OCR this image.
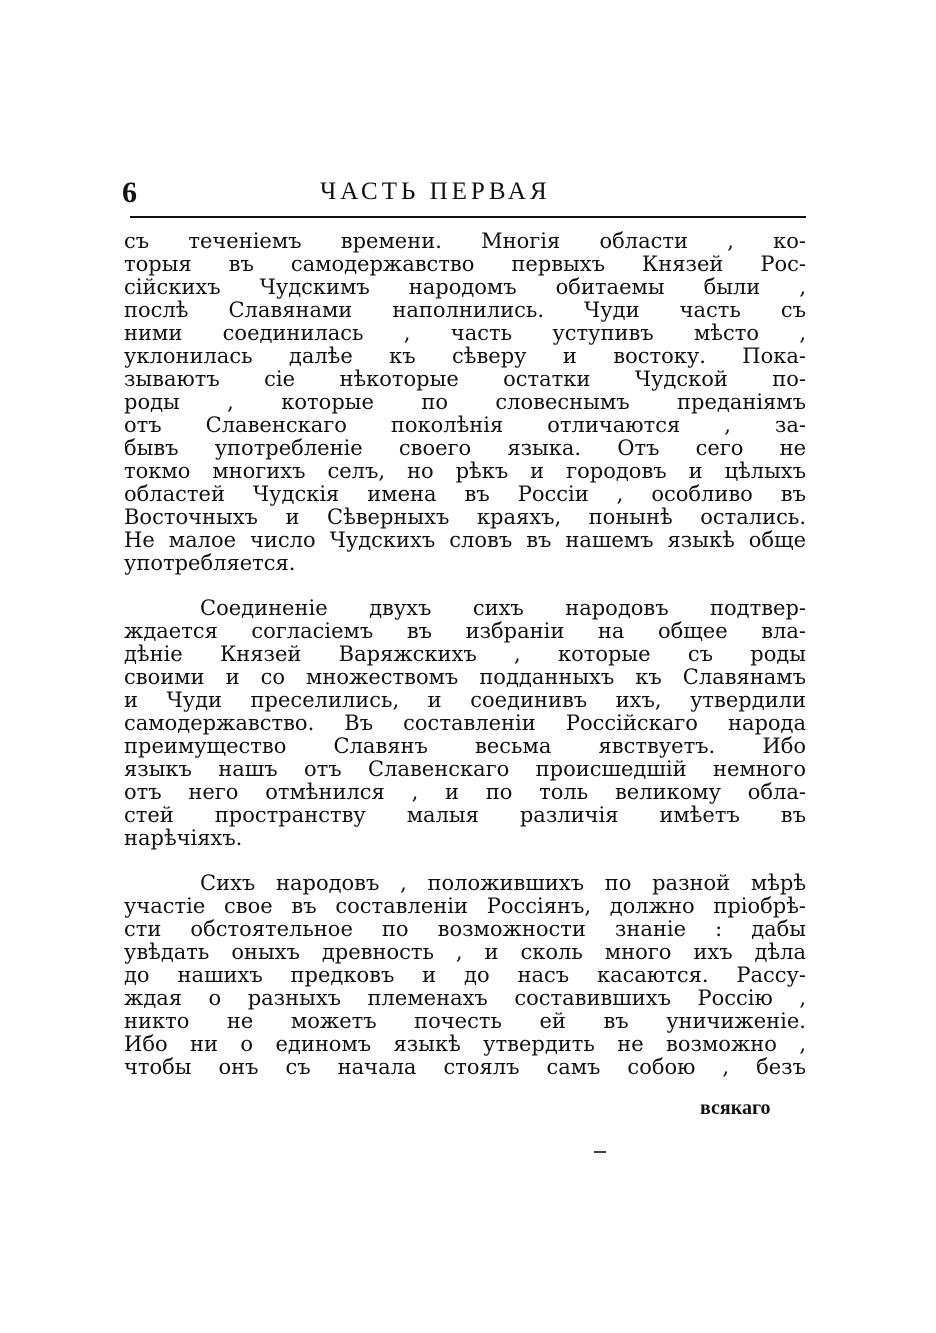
6	ЧАСТЬ ПЕРВАЯ
съ теченіемъ времени. Многія области , ко-
торыя въ самодержавство первыхъ Князей Рос-
сійскихъ Чудскимъ народомъ обитаемы были ,
послѣ Славянами наполнились. Чуди часть съ
ними соединилась , часть уступивъ мѣсто ,
уклонилась далѣе къ сѣверу и востоку. Пока-
зываютъ сіе нѣкоторые остатки Чудской по-
роды , которые по словеснымъ преданіямъ
отъ Славенскаго поколѣнія отличаются , за-
бывъ употребленіе своего языка. Отъ сего не
токмо многихъ селъ, но рѣкъ и городовъ и цѣлыхъ
областей Чудскія имена въ Россіи , особливо въ
Восточныхъ и Сѣверныхъ краяхъ, понынѣ остались.
Не малое число Чудскихъ словъ въ нашемъ языкѣ обще
употребляется.
Соединеніе двухъ сихъ народовъ подтвер-
ждается согласіемъ въ избраніи на общее вла-
дѣніе Князей Варяжскихъ , которые съ роды
своими и со множествомъ подданныхъ къ Славянамъ
и Чуди преселились, и соединивъ ихъ, утвердили
самодержавство. Въ составленіи Россійскаго народа
преимущество Славянъ весьма явствуетъ. Ибо
языкъ нашъ отъ Славенскаго происшедшій немного
отъ него отмѣнился , и по толь великому обла-
стей пространству малыя различія имѣетъ въ
нарѣчіяхъ.
Сихъ народовъ , положившихъ по разной мѣрѣ
участіе свое въ составленіи Россіянъ, должно пріобрѣ-
сти обстоятельное по возможности знаніе : дабы
увѣдать оныхъ древность , и сколь много ихъ дѣла
до нашихъ предковъ и до насъ касаются. Рассу-
ждая о разныхъ племенахъ составившихъ Россію ,
никто не можетъ почесть ей въ уничиженіе.
Ибо ни о единомъ языкѣ утвердить не возможно ,
чтобы онъ съ начала стоялъ самъ собою , безъ
всякаго
